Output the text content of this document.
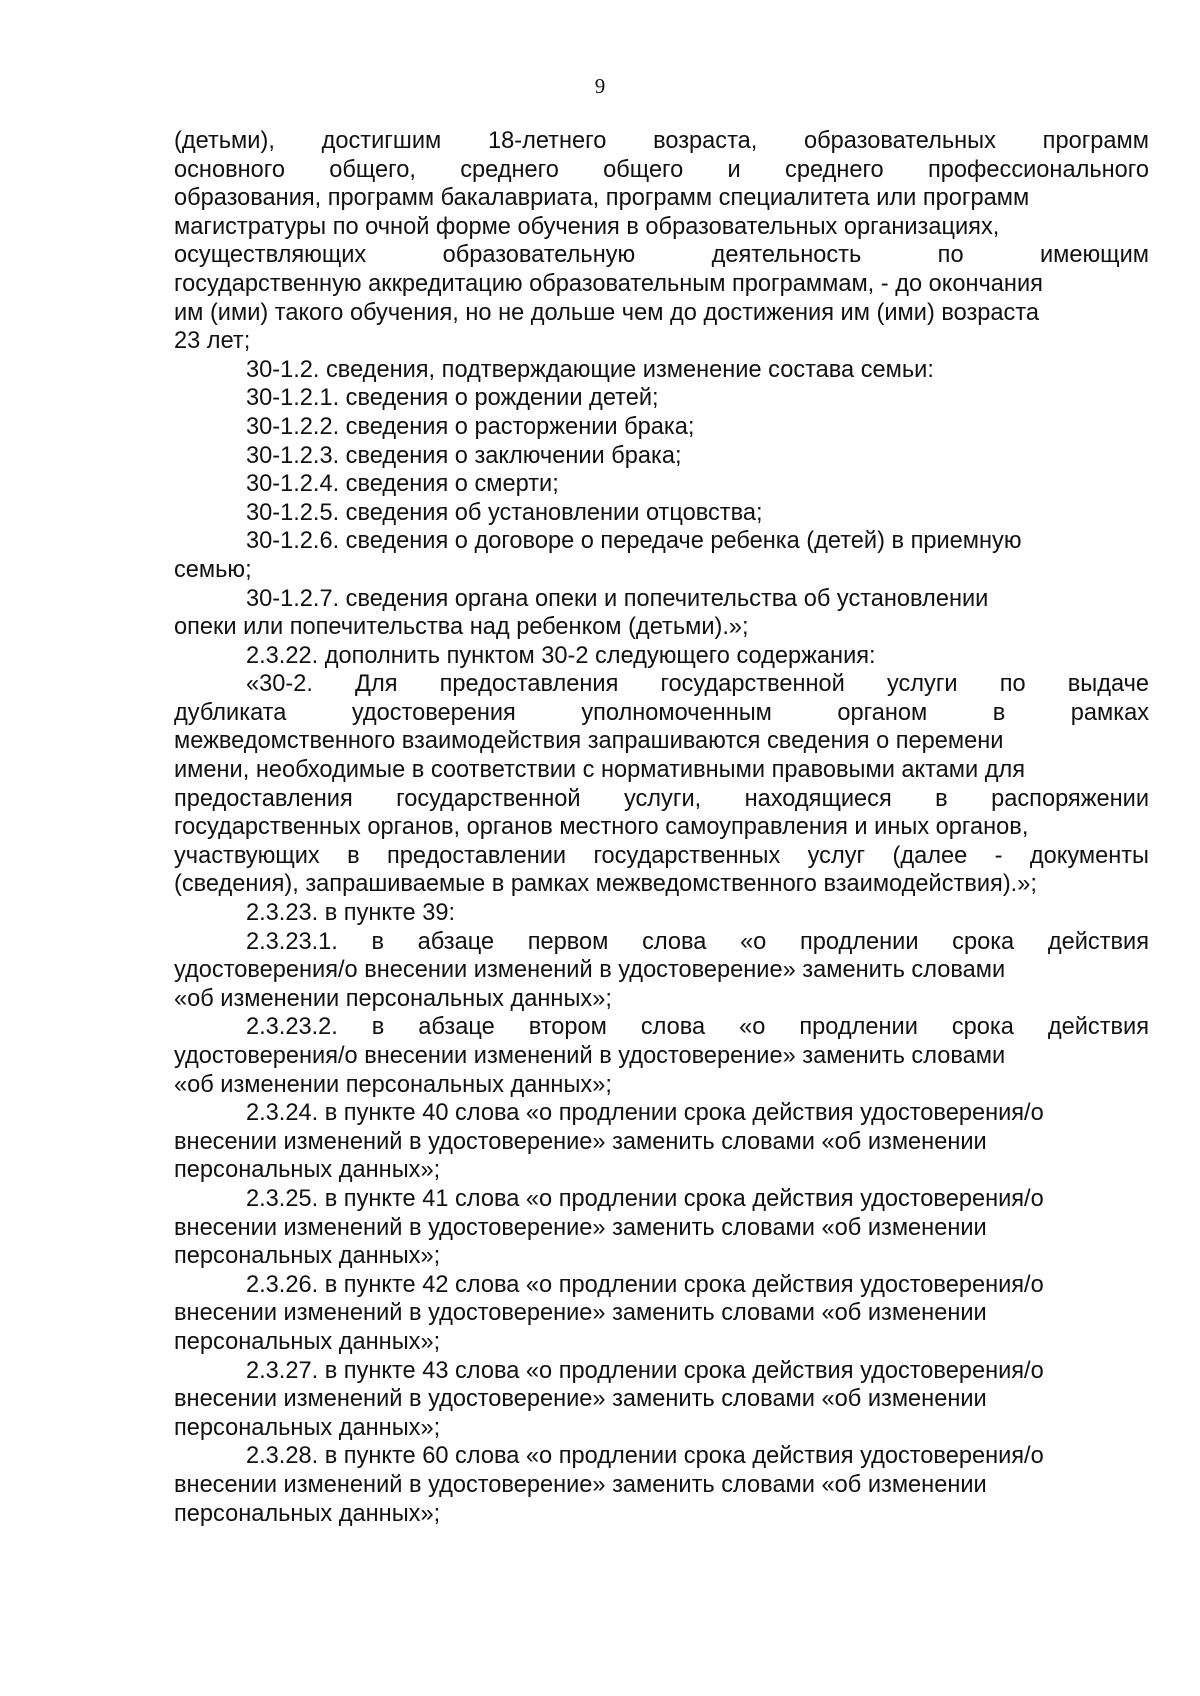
9
(детьми), достигшим 18-летнего возраста, образовательных программ
основного общего, среднего общего и среднего профессионального
образования, программ бакалавриата, программ специалитета или программ
магистратуры по очной форме обучения в образовательных организациях,
осуществляющих образовательную деятельность по имеющим
государственную аккредитацию образовательным программам, - до окончания
им (ими) такого обучения, но не дольше чем до достижения им (ими) возраста
23 лет;
30-1.2. сведения, подтверждающие изменение состава семьи:
30-1.2.1. сведения о рождении детей;
30-1.2.2. сведения о расторжении брака;
30-1.2.3. сведения о заключении брака;
30-1.2.4. сведения о смерти;
30-1.2.5. сведения об установлении отцовства;
30-1.2.6. сведения о договоре о передаче ребенка (детей) в приемную
семью;
30-1.2.7. сведения органа опеки и попечительства об установлении
опеки или попечительства над ребенком (детьми).»;
2.3.22. дополнить пунктом 30-2 следующего содержания:
«30-2. Для предоставления государственной услуги по выдаче
дубликата удостоверения уполномоченным органом в рамках
межведомственного взаимодействия запрашиваются сведения о перемени
имени, необходимые в соответствии с нормативными правовыми актами для
предоставления государственной услуги, находящиеся в распоряжении
государственных органов, органов местного самоуправления и иных органов,
участвующих в предоставлении государственных услуг (далее - документы
(сведения), запрашиваемые в рамках межведомственного взаимодействия).»;
2.3.23. в пункте 39:
2.3.23.1. в абзаце первом слова «о продлении срока действия
удостоверения/о внесении изменений в удостоверение» заменить словами
«об изменении персональных данных»;
2.3.23.2. в абзаце втором слова «о продлении срока действия
удостоверения/о внесении изменений в удостоверение» заменить словами
«об изменении персональных данных»;
2.3.24. в пункте 40 слова «о продлении срока действия удостоверения/о
внесении изменений в удостоверение» заменить словами «об изменении
персональных данных»;
2.3.25. в пункте 41 слова «о продлении срока действия удостоверения/о
внесении изменений в удостоверение» заменить словами «об изменении
персональных данных»;
2.3.26. в пункте 42 слова «о продлении срока действия удостоверения/о
внесении изменений в удостоверение» заменить словами «об изменении
персональных данных»;
2.3.27. в пункте 43 слова «о продлении срока действия удостоверения/о
внесении изменений в удостоверение» заменить словами «об изменении
персональных данных»;
2.3.28. в пункте 60 слова «о продлении срока действия удостоверения/о
внесении изменений в удостоверение» заменить словами «об изменении
персональных данных»;
